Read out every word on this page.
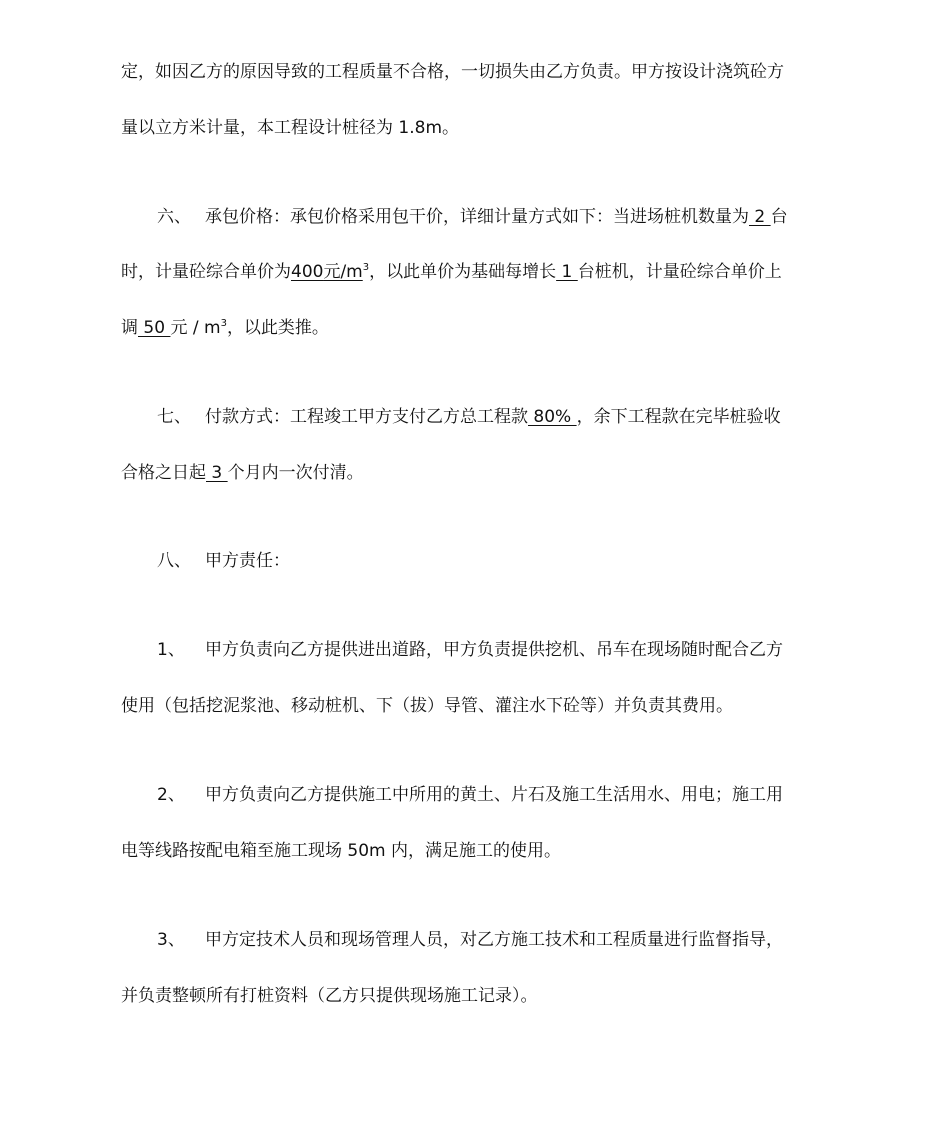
定，如因乙方的原因导致的工程质量不合格，一切损失由乙方负责。甲方按设计浇筑砼方
量以立方米计量，本工程设计桩径为 1.8m。
六、 承包价格：承包价格采用包干价，详细计量方式如下：当进场桩机数量为 2 台
时，计量砼综合单价为400元$/m^3$，以此单价为基础每增长 1 台桩机，计量砼综合单价上
调 50 元 / $m^3$，以此类推。
七、 付款方式：工程竣工甲方支付乙方总工程款 80% ，余下工程款在完毕桩验收
合格之日起 3 个月内一次付清。
八、 甲方责任：
1、 甲方负责向乙方提供进出道路，甲方负责提供挖机、吊车在现场随时配合乙方
使用（包括挖泥浆池、移动桩机、下（拔）导管、灌注水下砼等）并负责其费用。
2、 甲方负责向乙方提供施工中所用的黄土、片石及施工生活用水、用电；施工用
电等线路按配电箱至施工现场 50m 内，满足施工的使用。
3、 甲方定技术人员和现场管理人员，对乙方施工技术和工程质量进行监督指导，
并负责整顿所有打桩资料（乙方只提供现场施工记录）。
